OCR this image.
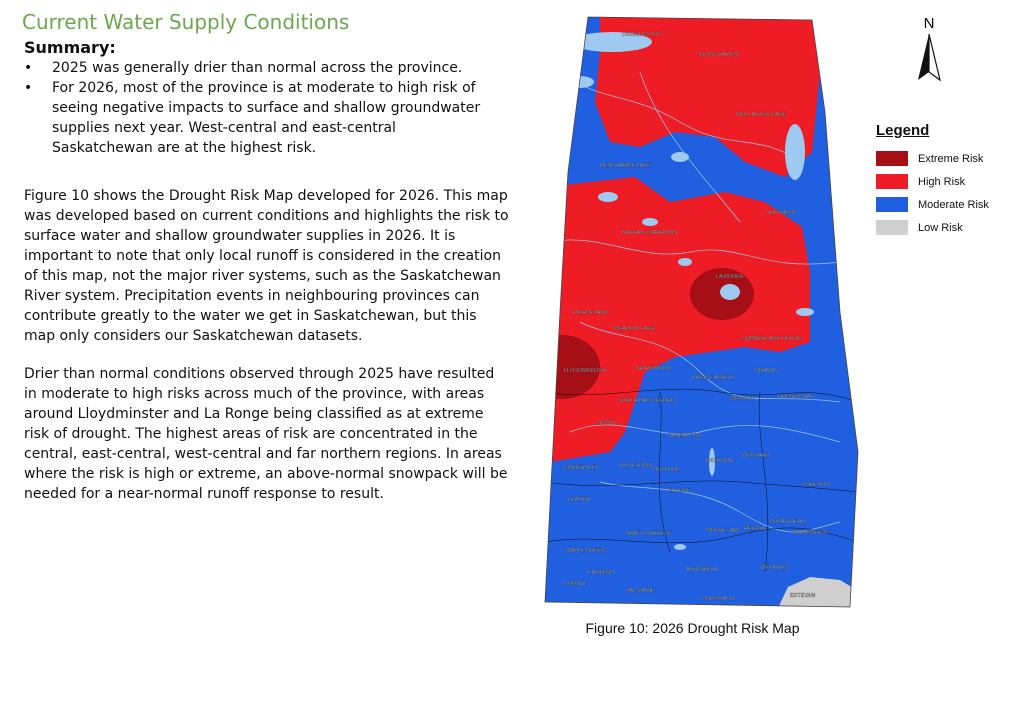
Current Water Supply Conditions
Summary:
• 2025 was generally drier than normal across the province.
• For 2026, most of the province is at moderate to high risk of seeing negative impacts to surface and shallow groundwater supplies next year. West-central and east-central Saskatchewan are at the highest risk.

Figure 10 shows the Drought Risk Map developed for 2026. This map was developed based on current conditions and highlights the risk to surface water and shallow groundwater supplies in 2026. It is important to note that only local runoff is considered in the creation of this map, not the major river systems, such as the Saskatchewan River system. Precipitation events in neighbouring provinces can contribute greatly to the water we get in Saskatchewan, but this map only considers our Saskatchewan datasets.

Drier than normal conditions observed through 2025 have resulted in moderate to high risks across much of the province, with areas around Lloydminster and La Ronge being classified as at extreme risk of drought. The highest areas of risk are concentrated in the central, east-central, west-central and far northern regions. In areas where the risk is high or extreme, an above-normal snowpack will be needed for a near-normal runoff response to result.

URANIUM CITY
STONY RAPIDS
WOLLASTON LAKE
DESCHARME LAKE
SOUTHEND
BUFFALO NARROWS
LA RONGE
PIERCELAND
MEADOW LAKE
CUMBERLAND HOUSE
LLOYDMINSTER	SPIRITWOOD
PRINCE ALBERT
NIPAWIN
MELFORT	HUDSON BAY
NORTH BATTLEFORD
SCOTT
SASKATOON
WATROUS
WYNYARD
KINDERSLEY	ROSETOWN
OUTLOOK
ELROSE
YORKTON
LEADER
MOOSE JAW REGINA
INDIAN HEAD
WHITEWOOD
SWIFT CURRENT
MAPLE CREEK
EASTEND	ASSINIBOIA	WEYBURN
CONSUL
VAL MARIE
CORONACH	ESTEVAN
N
Legend
Extreme Risk
High Risk
Moderate Risk
Low Risk
Figure 10: 2026 Drought Risk Map
